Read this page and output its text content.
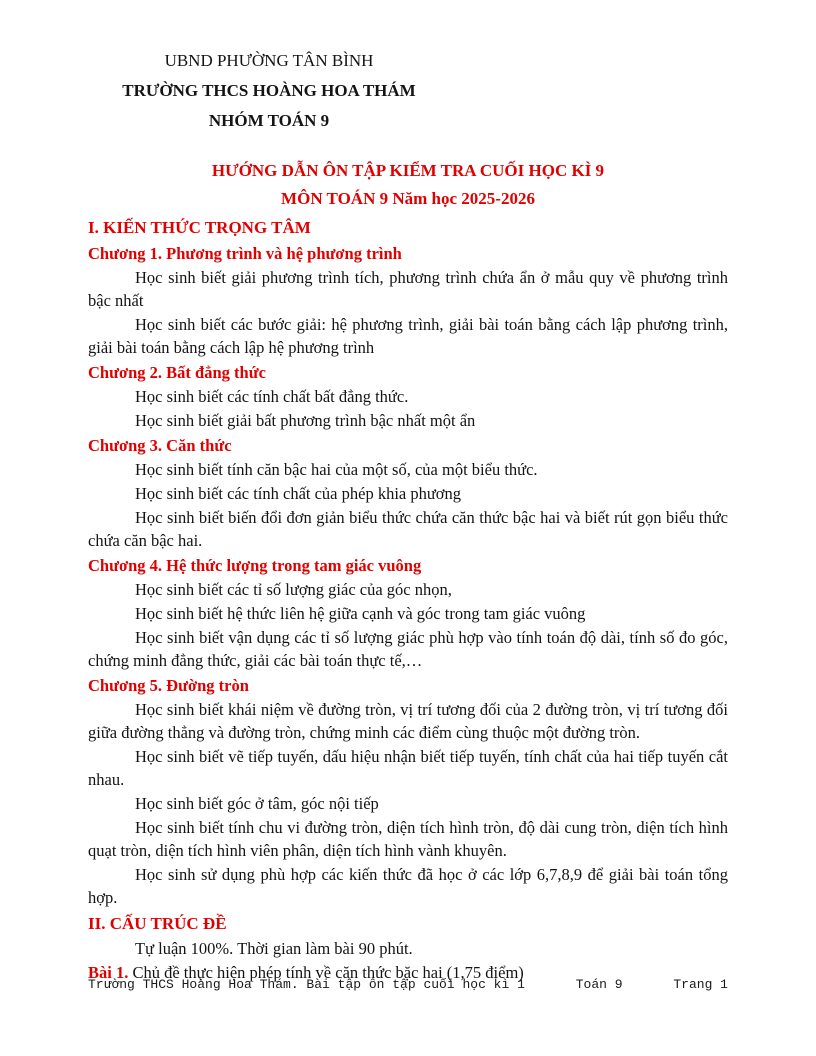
UBND PHƯỜNG TÂN BÌNH
TRƯỜNG THCS HOÀNG HOA THÁM
NHÓM TOÁN 9
HƯỚNG DẪN ÔN TẬP KIỂM TRA CUỐI HỌC KÌ 9
MÔN TOÁN 9 Năm học 2025-2026
I. KIẾN THỨC TRỌNG TÂM
Chương 1. Phương trình và hệ phương trình

Học sinh biết giải phương trình tích, phương trình chứa ẩn ở mẫu quy về phương trình bậc nhất

Học sinh biết các bước giải: hệ phương trình, giải bài toán bằng cách lập phương trình, giải bài toán bằng cách lập hệ phương trình

Chương 2. Bất đẳng thức

Học sinh biết các tính chất bất đẳng thức.

Học sinh biết giải bất phương trình bậc nhất một ẩn

Chương 3. Căn thức

Học sinh biết tính căn bậc hai của một số, của một biểu thức.

Học sinh biết các tính chất của phép khia phương

Học sinh biết biến đổi đơn giản biểu thức chứa căn thức bậc hai và biết rút gọn biểu thức chứa căn bậc hai.

Chương 4. Hệ thức lượng trong tam giác vuông

Học sinh biết các tỉ số lượng giác của góc nhọn,

Học sinh biết hệ thức liên hệ giữa cạnh và góc trong tam giác vuông

Học sinh biết vận dụng các tỉ số lượng giác phù hợp vào tính toán độ dài, tính số đo góc, chứng minh đẳng thức, giải các bài toán thực tế,…

Chương 5. Đường tròn

Học sinh biết khái niệm về đường tròn, vị trí tương đối của 2 đường tròn, vị trí tương đối giữa đường thẳng và đường tròn, chứng minh các điểm cùng thuộc một đường tròn.

Học sinh biết vẽ tiếp tuyến, dấu hiệu nhận biết tiếp tuyến, tính chất của hai tiếp tuyến cắt nhau.

Học sinh biết góc ở tâm, góc nội tiếp

Học sinh biết tính chu vi đường tròn, diện tích hình tròn, độ dài cung tròn, diện tích hình quạt tròn, diện tích hình viên phân, diện tích hình vành khuyên.

Học sinh sử dụng phù hợp các kiến thức đã học ở các lớp 6,7,8,9 để giải bài toán tổng hợp.

II. CẤU TRÚC ĐỀ

Tự luận 100%. Thời gian làm bài 90 phút.

Bài 1. Chủ đề thực hiện phép tính về căn thức bặc hai (1,75 điểm)

Trường THCS Hoàng Hoa Thám. Bài tập ôn tập cuối học kì 1	Toán 9	Trang 1
